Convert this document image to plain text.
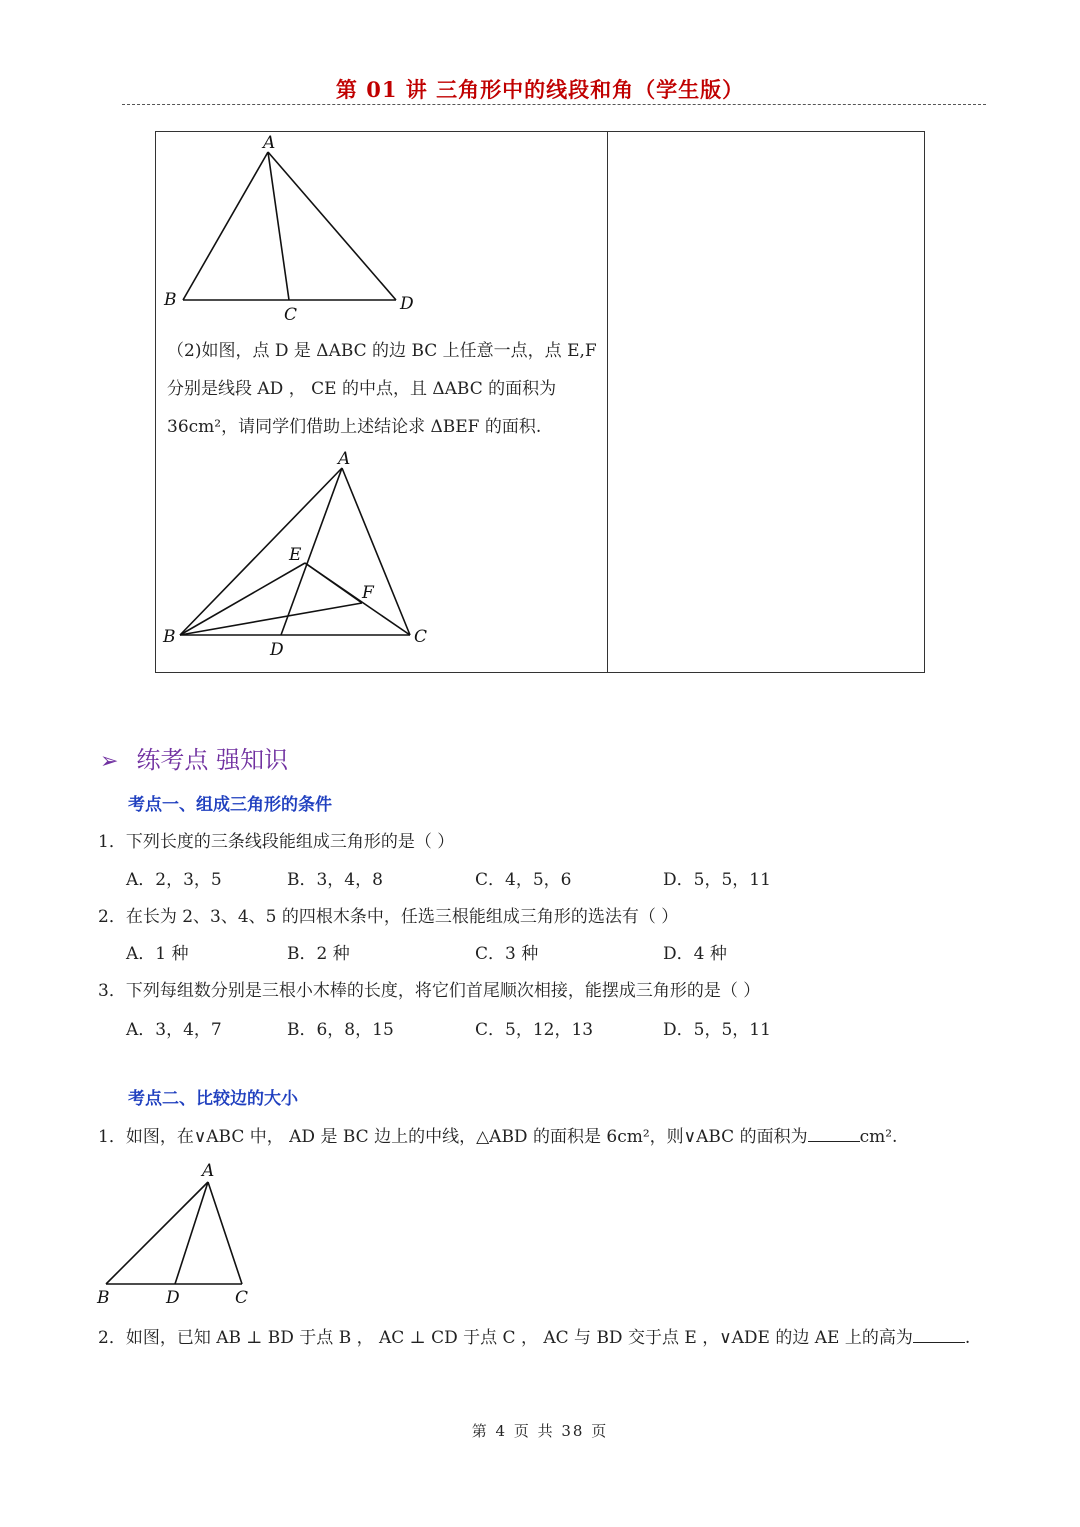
第 01 讲 三角形中的线段和角（学生版）
A
B
C
D

（2)如图，点 D 是 ΔABC 的边 BC 上任意一点，点 E,F

分别是线段 AD ， CE 的中点，且 ΔABC 的面积为

36cm²，请同学们借助上述结论求 ΔBEF 的面积.

A
B	C
D
E
F
➢ 练考点 强知识
考点一、组成三角形的条件
1．下列长度的三条线段能组成三角形的是（ ）
A．2，3，5	B．3，4，8	C．4，5，6	D．5，5，11
2．在长为 2、3、4、5 的四根木条中，任选三根能组成三角形的选法有（ ）
A．1 种	B．2 种	C．3 种	D．4 种
3．下列每组数分别是三根小木棒的长度，将它们首尾顺次相接，能摆成三角形的是（ ）
A．3，4，7	B．6，8，15	C．5，12，13	D．5，5，11
考点二、比较边的大小
1．如图，在∨ABC 中， AD 是 BC 边上的中线，△ABD 的面积是 6cm²，则∨ABC 的面积为	cm².
A
B	D	C
2．如图，已知 AB ⊥ BD 于点 B ， AC ⊥ CD 于点 C ， AC 与 BD 交于点 E ，∨ADE 的边 AE 上的高为	.
第 4 页 共 38 页
